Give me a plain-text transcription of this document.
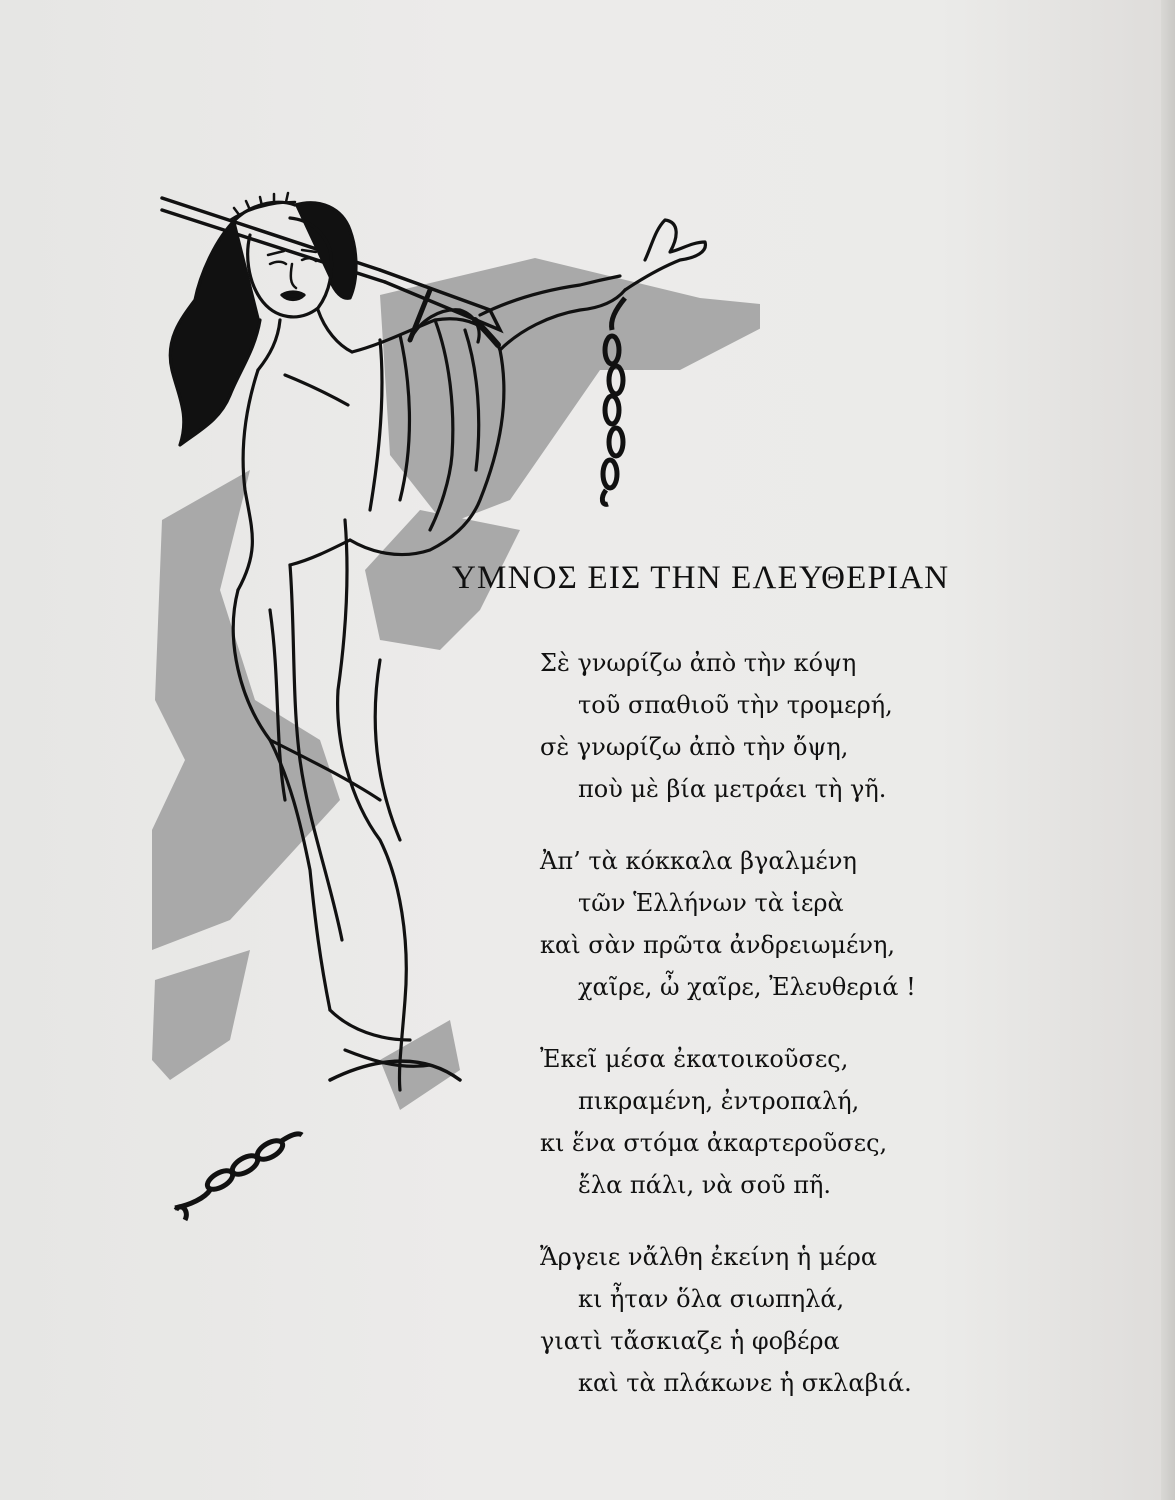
ΥΜΝΟΣ ΕΙΣ ΤΗΝ ΕΛΕΥΘΕΡΙΑΝ
Σὲ γνωρίζω ἀπὸ τὴν κόψη
τοῦ σπαθιοῦ τὴν τρομερή,
σὲ γνωρίζω ἀπὸ τὴν ὄψη,
ποὺ μὲ βία μετράει τὴ γῆ.
Ἀπ’ τὰ κόκκαλα βγαλμένη
τῶν Ἑλλήνων τὰ ἱερὰ
καὶ σὰν πρῶτα ἀνδρειωμένη,
χαῖρε, ὦ χαῖρε, Ἐλευθεριά !
Ἐκεῖ μέσα ἐκατοικοῦσες,
πικραμένη, ἐντροπαλή,
κι ἕνα στόμα ἀκαρτεροῦσες,
ἔλα πάλι, νὰ σοῦ πῆ.
Ἄργειε νἄλθη ἐκείνη ἡ μέρα
κι ἦταν ὅλα σιωπηλά,
γιατὶ τἄσκιαζε ἡ φοβέρα
καὶ τὰ πλάκωνε ἡ σκλαβιά.
